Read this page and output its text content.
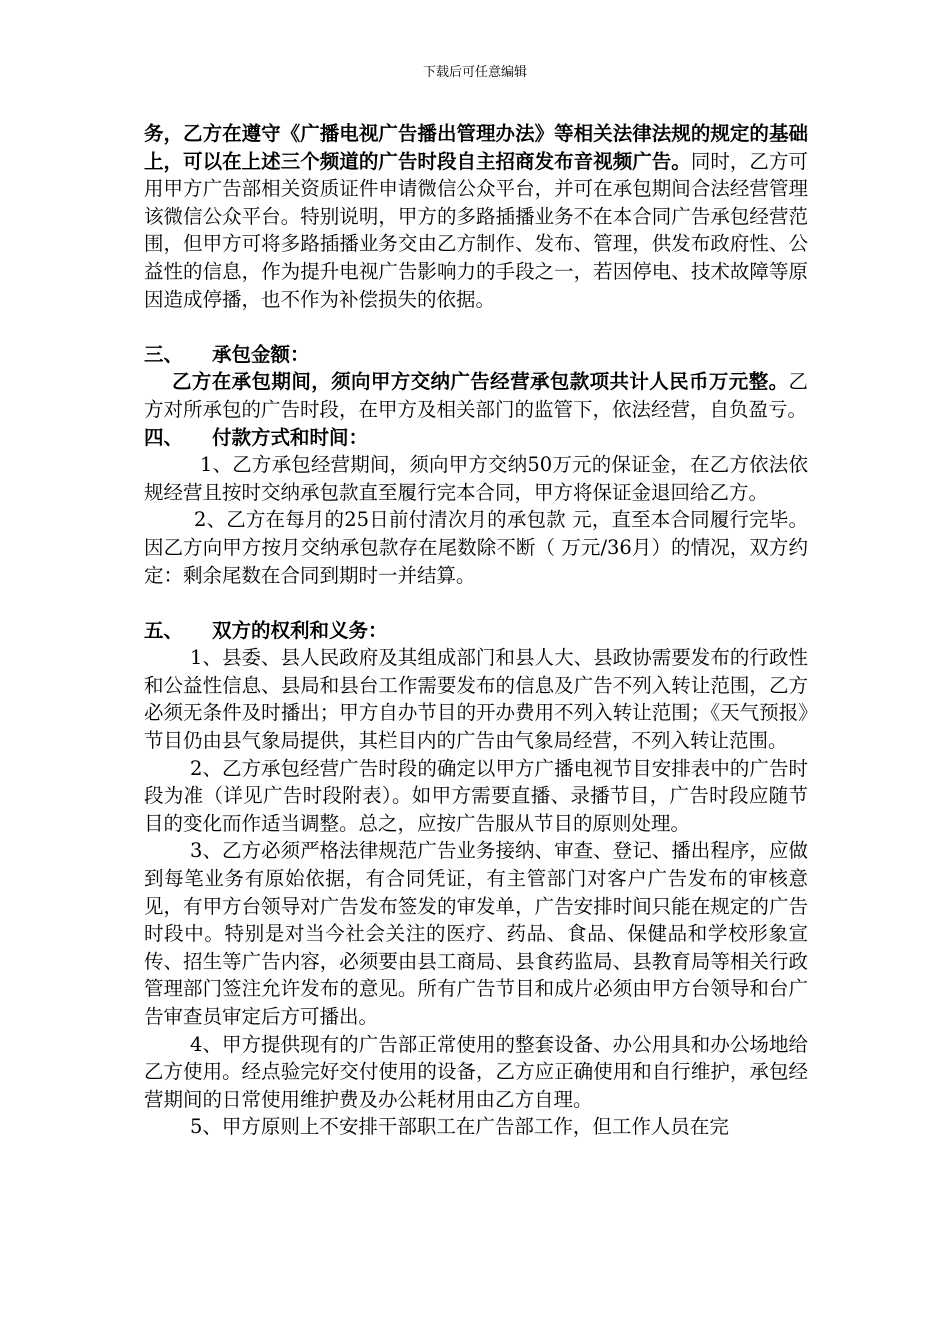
下载后可任意编辑

务，乙方在遵守《广播电视广告播出管理办法》等相关法律法规的规定的基础上，可以在上述三个频道的广告时段自主招商发布音视频广告。同时，乙方可用甲方广告部相关资质证件申请微信公众平台，并可在承包期间合法经营管理该微信公众平台。特别说明，甲方的多路插播业务不在本合同广告承包经营范围，但甲方可将多路插播业务交由乙方制作、发布、管理，供发布政府性、公益性的信息，作为提升电视广告影响力的手段之一，若因停电、技术故障等原因造成停播，也不作为补偿损失的依据。

三、 承包金额：

乙方在承包期间，须向甲方交纳广告经营承包款项共计人民币万元整。乙方对所承包的广告时段，在甲方及相关部门的监管下，依法经营，自负盈亏。

四、 付款方式和时间：

1、乙方承包经营期间，须向甲方交纳50万元的保证金，在乙方依法依规经营且按时交纳承包款直至履行完本合同，甲方将保证金退回给乙方。

2、乙方在每月的25日前付清次月的承包款 元，直至本合同履行完毕。因乙方向甲方按月交纳承包款存在尾数除不断（ 万元/36月）的情况，双方约定：剩余尾数在合同到期时一并结算。

五、 双方的权利和义务：

1、县委、县人民政府及其组成部门和县人大、县政协需要发布的行政性和公益性信息、县局和县台工作需要发布的信息及广告不列入转让范围，乙方必须无条件及时播出；甲方自办节目的开办费用不列入转让范围；《天气预报》节目仍由县气象局提供，其栏目内的广告由气象局经营，不列入转让范围。

2、乙方承包经营广告时段的确定以甲方广播电视节目安排表中的广告时段为准（详见广告时段附表）。如甲方需要直播、录播节目，广告时段应随节目的变化而作适当调整。总之，应按广告服从节目的原则处理。

3、乙方必须严格法律规范广告业务接纳、审查、登记、播出程序，应做到每笔业务有原始依据，有合同凭证，有主管部门对客户广告发布的审核意见，有甲方台领导对广告发布签发的审发单，广告安排时间只能在规定的广告时段中。特别是对当今社会关注的医疗、药品、食品、保健品和学校形象宣传、招生等广告内容，必须要由县工商局、县食药监局、县教育局等相关行政管理部门签注允许发布的意见。所有广告节目和成片必须由甲方台领导和台广告审查员审定后方可播出。

4、甲方提供现有的广告部正常使用的整套设备、办公用具和办公场地给乙方使用。经点验完好交付使用的设备，乙方应正确使用和自行维护，承包经营期间的日常使用维护费及办公耗材用由乙方自理。

5、甲方原则上不安排干部职工在广告部工作，但工作人员在完
